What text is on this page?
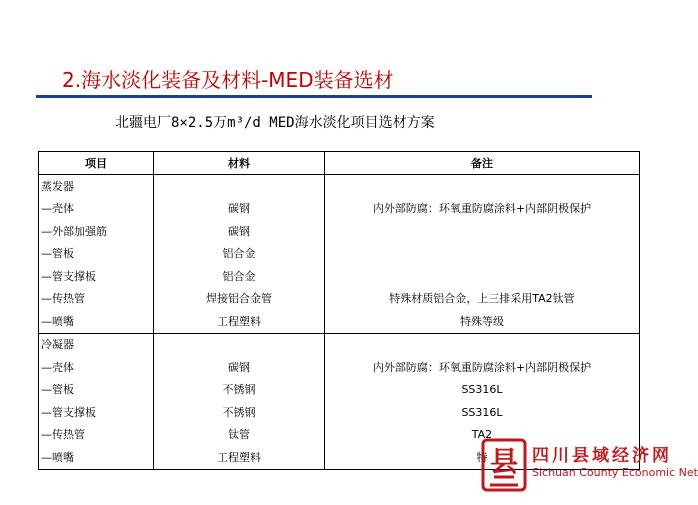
2.海水淡化装备及材料-MED装备选材
北疆电厂8×2.5万m³/d MED海水淡化项目选材方案
项目	材料	备注
蒸发器		
—壳体	碳钢	内外部防腐：环氧重防腐涂料+内部阴极保护
—外部加强筋	碳钢	
—管板	铝合金	
—管支撑板	铝合金	
—传热管	焊接铝合金管	特殊材质铝合金，上三排采用TA2钛管
—喷嘴	工程塑料	特殊等级
冷凝器		
—壳体	碳钢	内外部防腐：环氧重防腐涂料+内部阴极保护
—管板	不锈钢	SS316L
—管支撑板	不锈钢	SS316L
—传热管	钛管	TA2
—喷嘴	工程塑料	特 县 四川县域经济网
Sichuan County Economic Net
